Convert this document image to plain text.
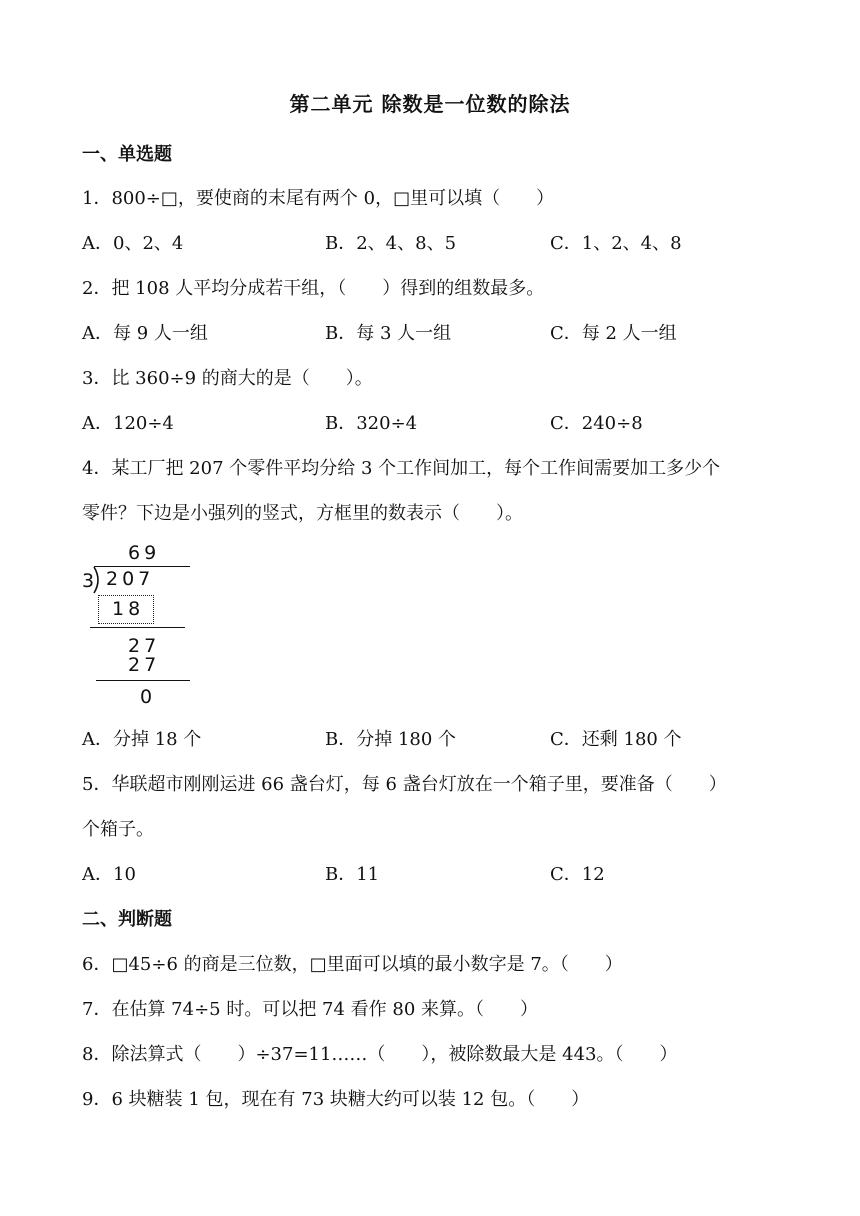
第二单元 除数是一位数的除法
一、单选题
1．800÷□，要使商的末尾有两个 0，□里可以填（　　）
A．0、2、4	B．2、4、8、5	C．1、2、4、8
2．把 108 人平均分成若干组，（　　）得到的组数最多。
A．每 9 人一组	B．每 3 人一组	C．每 2 人一组
3．比 360÷9 的商大的是（　　）。
A．120÷4	B．320÷4	C．240÷8
4．某工厂把 207 个零件平均分给 3 个工作间加工，每个工作间需要加工多少个
零件？下边是小强列的竖式，方框里的数表示（　　）。
69
3 207
18
27
27
0
A．分掉 18 个	B．分掉 180 个	C．还剩 180 个
5．华联超市刚刚运进 66 盏台灯，每 6 盏台灯放在一个箱子里，要准备（　　）
个箱子。
A．10	B．11	C．12
二、判断题
6．□45÷6 的商是三位数，□里面可以填的最小数字是 7。（　　）
7．在估算 74÷5 时。可以把 74 看作 80 来算。（　　）
8．除法算式（　　）÷37=11……（　　），被除数最大是 443。（　　）
9．6 块糖装 1 包，现在有 73 块糖大约可以装 12 包。（　　）
